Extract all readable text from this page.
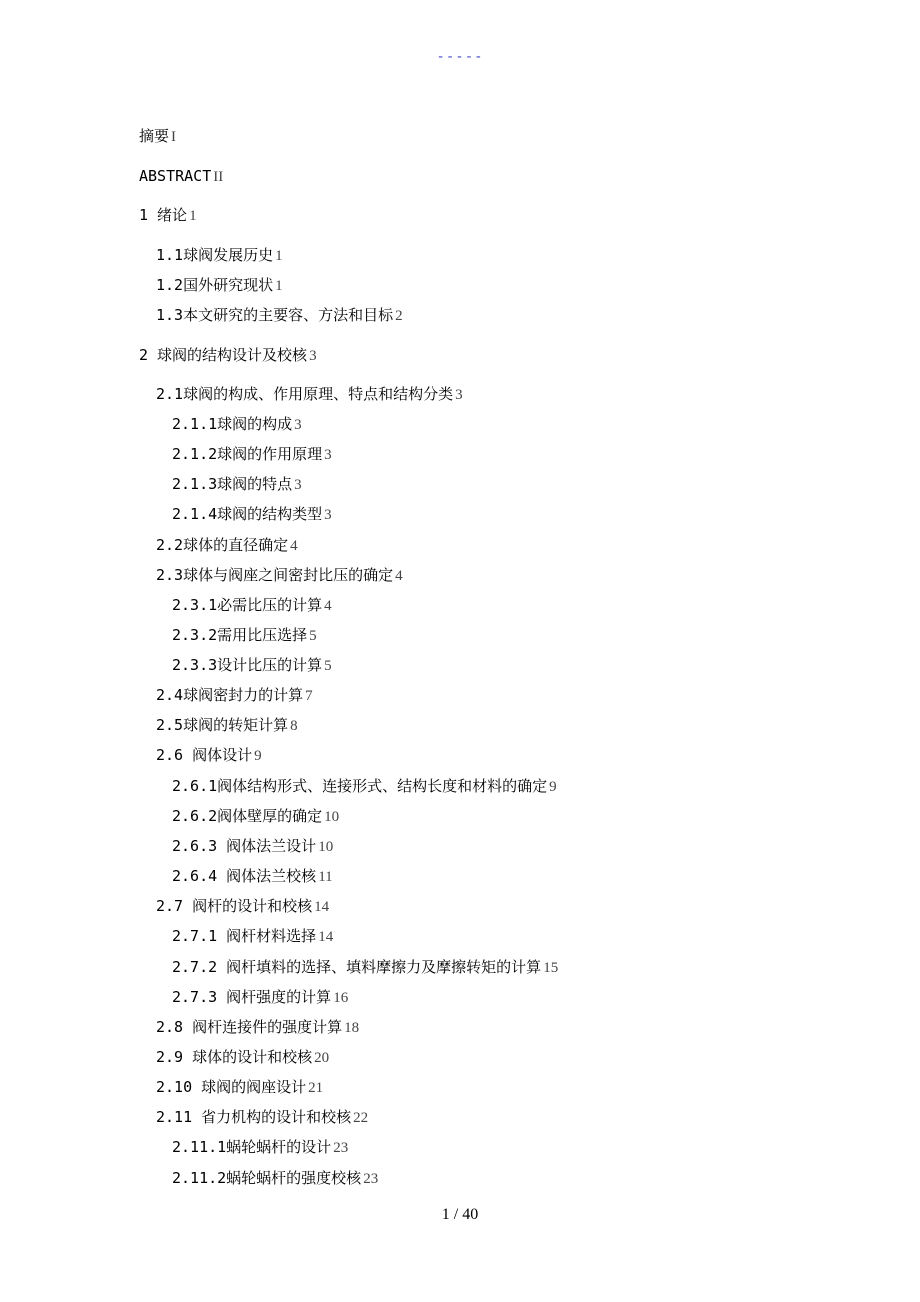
-----
摘要 I
ABSTRACT II
1 绪论 1
1.1球阀发展历史 1
1.2国外研究现状 1
1.3本文研究的主要容、方法和目标 2
2 球阀的结构设计及校核 3
2.1球阀的构成、作用原理、特点和结构分类 3
2.1.1球阀的构成 3
2.1.2球阀的作用原理 3
2.1.3球阀的特点 3
2.1.4球阀的结构类型 3
2.2球体的直径确定 4
2.3球体与阀座之间密封比压的确定 4
2.3.1必需比压的计算 4
2.3.2需用比压选择 5
2.3.3设计比压的计算 5
2.4球阀密封力的计算 7
2.5球阀的转矩计算 8
2.6 阀体设计 9
2.6.1阀体结构形式、连接形式、结构长度和材料的确定 9
2.6.2阀体壁厚的确定 10
2.6.3 阀体法兰设计 10
2.6.4 阀体法兰校核 11
2.7 阀杆的设计和校核 14
2.7.1 阀杆材料选择 14
2.7.2 阀杆填料的选择、填料摩擦力及摩擦转矩的计算 15
2.7.3 阀杆强度的计算 16
2.8 阀杆连接件的强度计算 18
2.9 球体的设计和校核 20
2.10 球阀的阀座设计 21
2.11 省力机构的设计和校核 22
2.11.1蜗轮蜗杆的设计 23
2.11.2蜗轮蜗杆的强度校核 23
1 / 40
